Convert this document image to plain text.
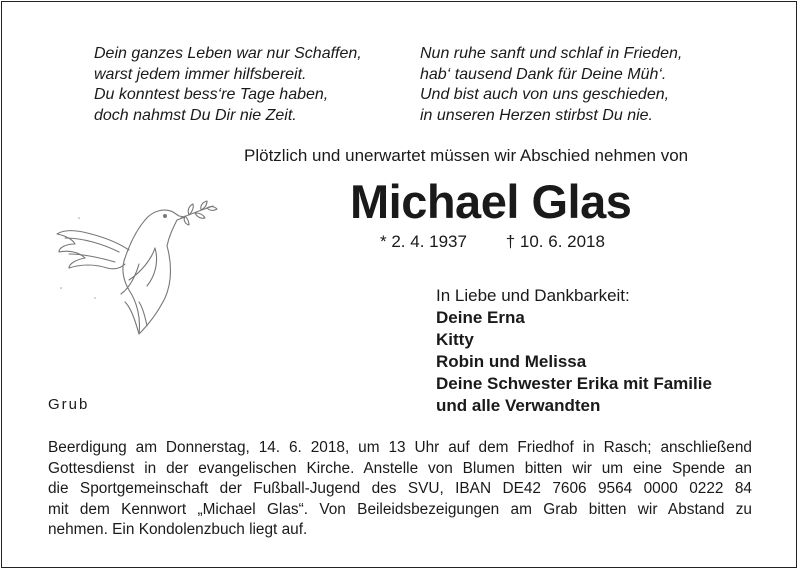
Dein ganzes Leben war nur Schaffen,
warst jedem immer hilfsbereit.
Du konntest bess‘re Tage haben,
doch nahmst Du Dir nie Zeit.
Nun ruhe sanft und schlaf in Frieden,
hab‘ tausend Dank für Deine Müh‘.
Und bist auch von uns geschieden,
in unseren Herzen stirbst Du nie.
Plötzlich und unerwartet müssen wir Abschied nehmen von
Michael Glas
* 2. 4. 1937 † 10. 6. 2018
In Liebe und Dankbarkeit:
Deine Erna
Kitty
Robin und Melissa
Deine Schwester Erika mit Familie
und alle Verwandten
Grub
Beerdigung am Donnerstag, 14. 6. 2018, um 13 Uhr auf dem Friedhof in Rasch; anschließend
Gottesdienst in der evangelischen Kirche. Anstelle von Blumen bitten wir um eine Spende an
die Sportgemeinschaft der Fußball-Jugend des SVU, IBAN DE42 7606 9564 0000 0222 84
mit dem Kennwort „Michael Glas“. Von Beileidsbezeigungen am Grab bitten wir Abstand zu
nehmen. Ein Kondolenzbuch liegt auf.
